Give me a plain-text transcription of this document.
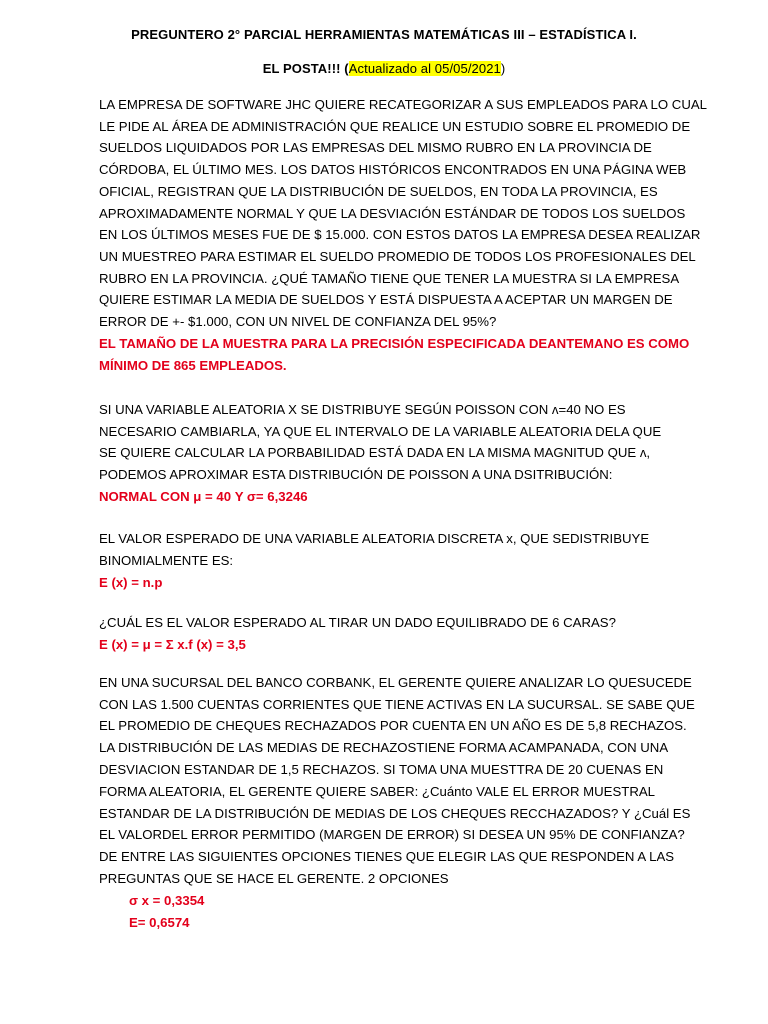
PREGUNTERO 2° PARCIAL HERRAMIENTAS MATEMÁTICAS III – ESTADÍSTICA I.
EL POSTA!!! (Actualizado al 05/05/2021)
LA EMPRESA DE SOFTWARE JHC QUIERE RECATEGORIZAR A SUS EMPLEADOS PARA LO CUAL
LE PIDE AL ÁREA DE ADMINISTRACIÓN QUE REALICE UN ESTUDIO SOBRE EL PROMEDIO DE
SUELDOS LIQUIDADOS POR LAS EMPRESAS DEL MISMO RUBRO EN LA PROVINCIA DE
CÓRDOBA, EL ÚLTIMO MES. LOS DATOS HISTÓRICOS ENCONTRADOS EN UNA PÁGINA WEB
OFICIAL, REGISTRAN QUE LA DISTRIBUCIÓN DE SUELDOS, EN TODA LA PROVINCIA, ES
APROXIMADAMENTE NORMAL Y QUE LA DESVIACIÓN ESTÁNDAR DE TODOS LOS SUELDOS
EN LOS ÚLTIMOS MESES FUE DE $ 15.000. CON ESTOS DATOS LA EMPRESA DESEA REALIZAR
UN MUESTREO PARA ESTIMAR EL SUELDO PROMEDIO DE TODOS LOS PROFESIONALES DEL
RUBRO EN LA PROVINCIA. ¿QUÉ TAMAÑO TIENE QUE TENER LA MUESTRA SI LA EMPRESA
QUIERE ESTIMAR LA MEDIA DE SUELDOS Y ESTÁ DISPUESTA A ACEPTAR UN MARGEN DE
ERROR DE +- $1.000, CON UN NIVEL DE CONFIANZA DEL 95%?
EL TAMAÑO DE LA MUESTRA PARA LA PRECISIÓN ESPECIFICADA DEANTEMANO ES COMO
MÍNIMO DE 865 EMPLEADOS.
SI UNA VARIABLE ALEATORIA X SE DISTRIBUYE SEGÚN POISSON CON ʌ=40 NO ES
NECESARIO CAMBIARLA, YA QUE EL INTERVALO DE LA VARIABLE ALEATORIA DELA QUE
SE QUIERE CALCULAR LA PORBABILIDAD ESTÁ DADA EN LA MISMA MAGNITUD QUE ʌ,
PODEMOS APROXIMAR ESTA DISTRIBUCIÓN DE POISSON A UNA DSITRIBUCIÓN:
NORMAL CON μ = 40 Y σ= 6,3246
EL VALOR ESPERADO DE UNA VARIABLE ALEATORIA DISCRETA x, QUE SEDISTRIBUYE
BINOMIALMENTE ES:
E (x) = n.p
¿CUÁL ES EL VALOR ESPERADO AL TIRAR UN DADO EQUILIBRADO DE 6 CARAS?
E (x) = μ = Σ x.f (x) = 3,5
EN UNA SUCURSAL DEL BANCO CORBANK, EL GERENTE QUIERE ANALIZAR LO QUESUCEDE
CON LAS 1.500 CUENTAS CORRIENTES QUE TIENE ACTIVAS EN LA SUCURSAL. SE SABE QUE
EL PROMEDIO DE CHEQUES RECHAZADOS POR CUENTA EN UN AÑO ES DE 5,8 RECHAZOS.
LA DISTRIBUCIÓN DE LAS MEDIAS DE RECHAZOSTIENE FORMA ACAMPANADA, CON UNA
DESVIACION ESTANDAR DE 1,5 RECHAZOS. SI TOMA UNA MUESTTRA DE 20 CUENAS EN
FORMA ALEATORIA, EL GERENTE QUIERE SABER: ¿Cuánto VALE EL ERROR MUESTRAL
ESTANDAR DE LA DISTRIBUCIÓN DE MEDIAS DE LOS CHEQUES RECCHAZADOS? Y ¿Cuál ES
EL VALORDEL ERROR PERMITIDO (MARGEN DE ERROR) SI DESEA UN 95% DE CONFIANZA?
DE ENTRE LAS SIGUIENTES OPCIONES TIENES QUE ELEGIR LAS QUE RESPONDEN A LAS
PREGUNTAS QUE SE HACE EL GERENTE. 2 OPCIONES
σ x = 0,3354
E= 0,6574
